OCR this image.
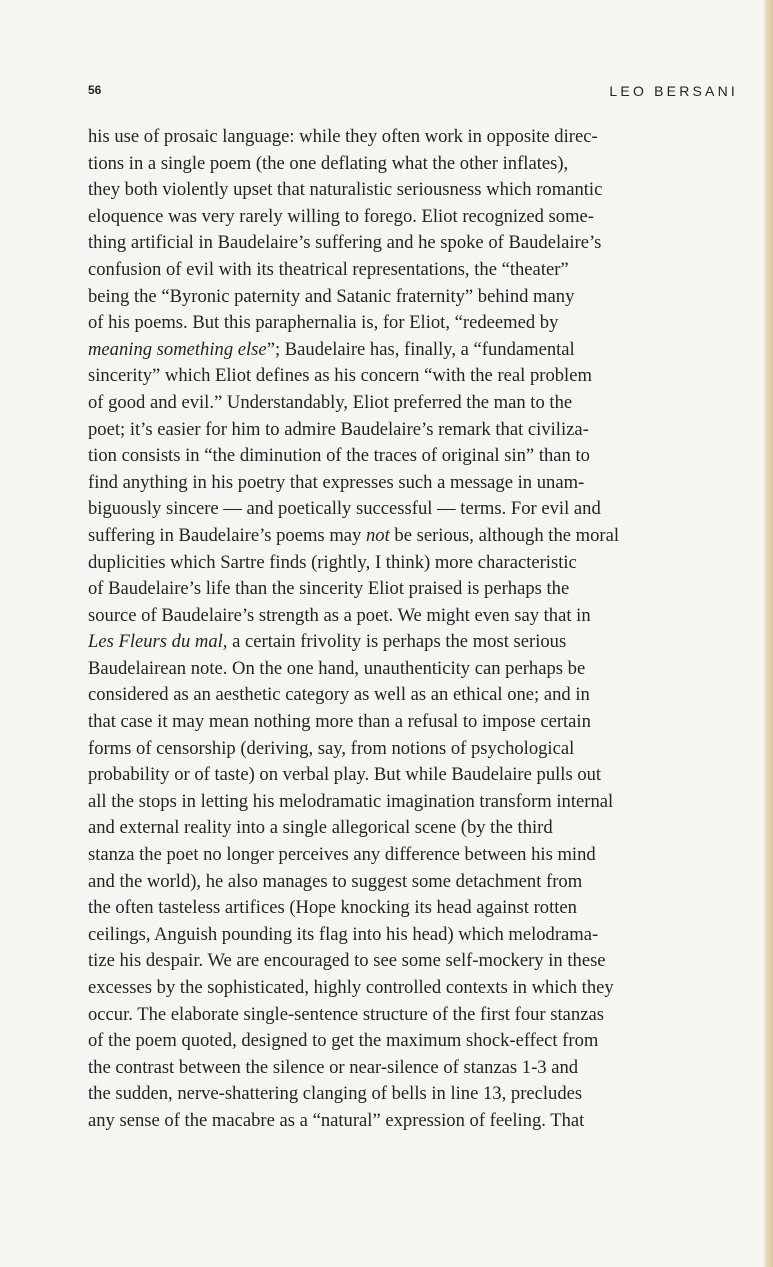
56	LEO BERSANI
his use of prosaic language: while they often work in opposite direc-
tions in a single poem (the one deflating what the other inflates),
they both violently upset that naturalistic seriousness which romantic
eloquence was very rarely willing to forego. Eliot recognized some-
thing artificial in Baudelaire’s suffering and he spoke of Baudelaire’s
confusion of evil with its theatrical representations, the “theater”
being the “Byronic paternity and Satanic fraternity” behind many
of his poems. But this paraphernalia is, for Eliot, “redeemed by
meaning something else”; Baudelaire has, finally, a “fundamental
sincerity” which Eliot defines as his concern “with the real problem
of good and evil.” Understandably, Eliot preferred the man to the
poet; it’s easier for him to admire Baudelaire’s remark that civiliza-
tion consists in “the diminution of the traces of original sin” than to
find anything in his poetry that expresses such a message in unam-
biguously sincere — and poetically successful — terms. For evil and
suffering in Baudelaire’s poems may not be serious, although the moral
duplicities which Sartre finds (rightly, I think) more characteristic
of Baudelaire’s life than the sincerity Eliot praised is perhaps the
source of Baudelaire’s strength as a poet. We might even say that in
Les Fleurs du mal, a certain frivolity is perhaps the most serious
Baudelairean note. On the one hand, unauthenticity can perhaps be
considered as an aesthetic category as well as an ethical one; and in
that case it may mean nothing more than a refusal to impose certain
forms of censorship (deriving, say, from notions of psychological
probability or of taste) on verbal play. But while Baudelaire pulls out
all the stops in letting his melodramatic imagination transform internal
and external reality into a single allegorical scene (by the third
stanza the poet no longer perceives any difference between his mind
and the world), he also manages to suggest some detachment from
the often tasteless artifices (Hope knocking its head against rotten
ceilings, Anguish pounding its flag into his head) which melodrama-
tize his despair. We are encouraged to see some self-mockery in these
excesses by the sophisticated, highly controlled contexts in which they
occur. The elaborate single-sentence structure of the first four stanzas
of the poem quoted, designed to get the maximum shock-effect from
the contrast between the silence or near-silence of stanzas 1-3 and
the sudden, nerve-shattering clanging of bells in line 13, precludes
any sense of the macabre as a “natural” expression of feeling. That
